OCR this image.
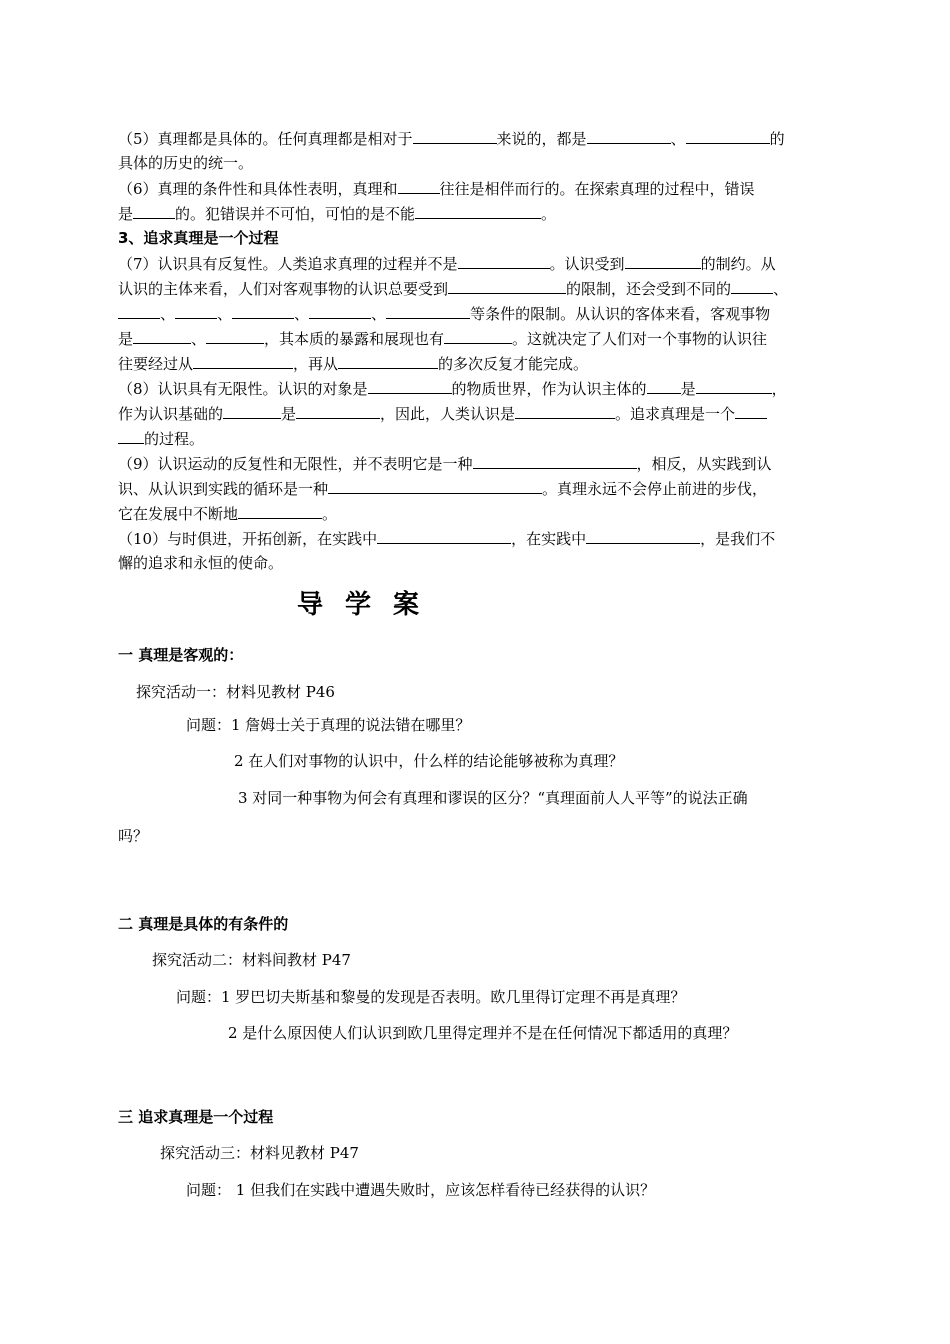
（5）真理都是具体的。任何真理都是相对于	来说的，都是	、	的
具体的历史的统一。
（6）真理的条件性和具体性表明，真理和	往往是相伴而行的。在探索真理的过程中，错误
是	的。犯错误并不可怕，可怕的是不能	。
3、追求真理是一个过程
（7）认识具有反复性。人类追求真理的过程并不是	。认识受到	的制约。从
认识的主体来看，人们对客观事物的认识总要受到	的限制，还会受到不同的	、
、	、	、	、	等条件的限制。从认识的客体来看，客观事物
是	、	，其本质的暴露和展现也有	。这就决定了人们对一个事物的认识往
往要经过从	，再从	的多次反复才能完成。
（8）认识具有无限性。认识的对象是	的物质世界，作为认识主体的 是	，
作为认识基础的	是	，因此，人类认识是	。追求真理是一个
的过程。
（9）认识运动的反复性和无限性，并不表明它是一种	，相反，从实践到认
识、从认识到实践的循环是一种	。真理永远不会停止前进的步伐，
它在发展中不断地	。
（10）与时俱进，开拓创新，在实践中	，在实践中	，是我们不
懈的追求和永恒的使命。
导学案
一 真理是客观的：
探究活动一：材料见教材 P46
问题：1 詹姆士关于真理的说法错在哪里？
2 在人们对事物的认识中，什么样的结论能够被称为真理？
3 对同一种事物为何会有真理和谬误的区分？“真理面前人人平等”的说法正确
吗？
二 真理是具体的有条件的
探究活动二：材料间教材 P47
问题：1 罗巴切夫斯基和黎曼的发现是否表明。欧几里得订定理不再是真理？
2 是什么原因使人们认识到欧几里得定理并不是在任何情况下都适用的真理？
三 追求真理是一个过程
探究活动三：材料见教材 P47
问题： 1 但我们在实践中遭遇失败时，应该怎样看待已经获得的认识？
